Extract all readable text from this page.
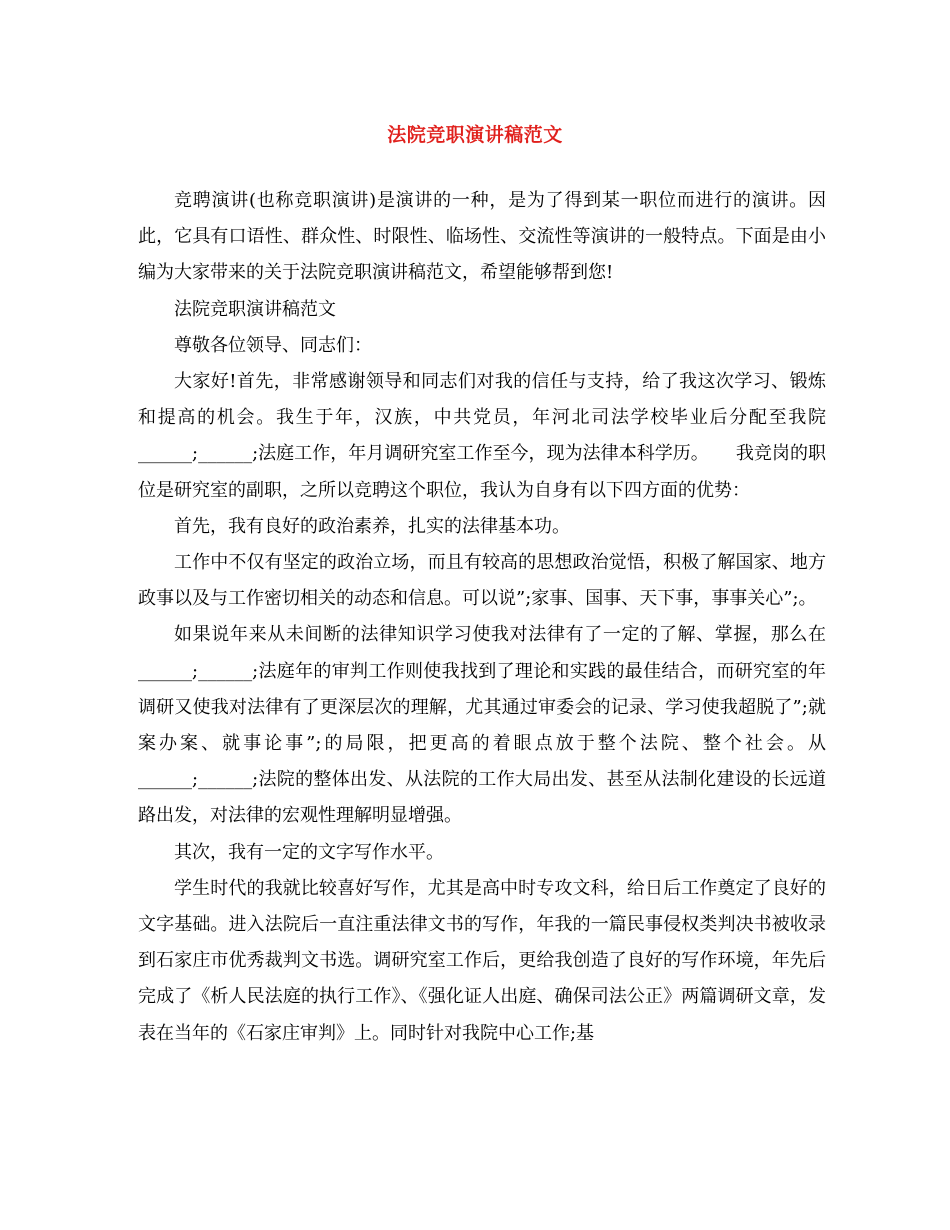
法院竞职演讲稿范文

竞聘演讲(也称竞职演讲)是演讲的一种，是为了得到某一职位而进行的演讲。因此，它具有口语性、群众性、时限性、临场性、交流性等演讲的一般特点。下面是由小编为大家带来的关于法院竞职演讲稿范文，希望能够帮到您!

法院竞职演讲稿范文

尊敬各位领导、同志们：

大家好!首先，非常感谢领导和同志们对我的信任与支持，给了我这次学习、锻炼和提高的机会。我生于年，汉族，中共党员，年河北司法学校毕业后分配至我院______;______;法庭工作，年月调研究室工作至今，现为法律本科学历。　　我竞岗的职位是研究室的副职，之所以竞聘这个职位，我认为自身有以下四方面的优势：

首先，我有良好的政治素养，扎实的法律基本功。

工作中不仅有坚定的政治立场，而且有较高的思想政治觉悟，积极了解国家、地方政事以及与工作密切相关的动态和信息。可以说”;家事、国事、天下事，事事关心”;。

如果说年来从未间断的法律知识学习使我对法律有了一定的了解、掌握，那么在______;______;法庭年的审判工作则使我找到了理论和实践的最佳结合，而研究室的年调研又使我对法律有了更深层次的理解，尤其通过审委会的记录、学习使我超脱了”;就案办案、就事论事”;的局限，把更高的着眼点放于整个法院、整个社会。从______;______;法院的整体出发、从法院的工作大局出发、甚至从法制化建设的长远道路出发，对法律的宏观性理解明显增强。

其次，我有一定的文字写作水平。

学生时代的我就比较喜好写作，尤其是高中时专攻文科，给日后工作奠定了良好的文字基础。进入法院后一直注重法律文书的写作，年我的一篇民事侵权类判决书被收录到石家庄市优秀裁判文书选。调研究室工作后，更给我创造了良好的写作环境，年先后完成了《析人民法庭的执行工作》、《强化证人出庭、确保司法公正》两篇调研文章，发表在当年的《石家庄审判》上。同时针对我院中心工作;基
